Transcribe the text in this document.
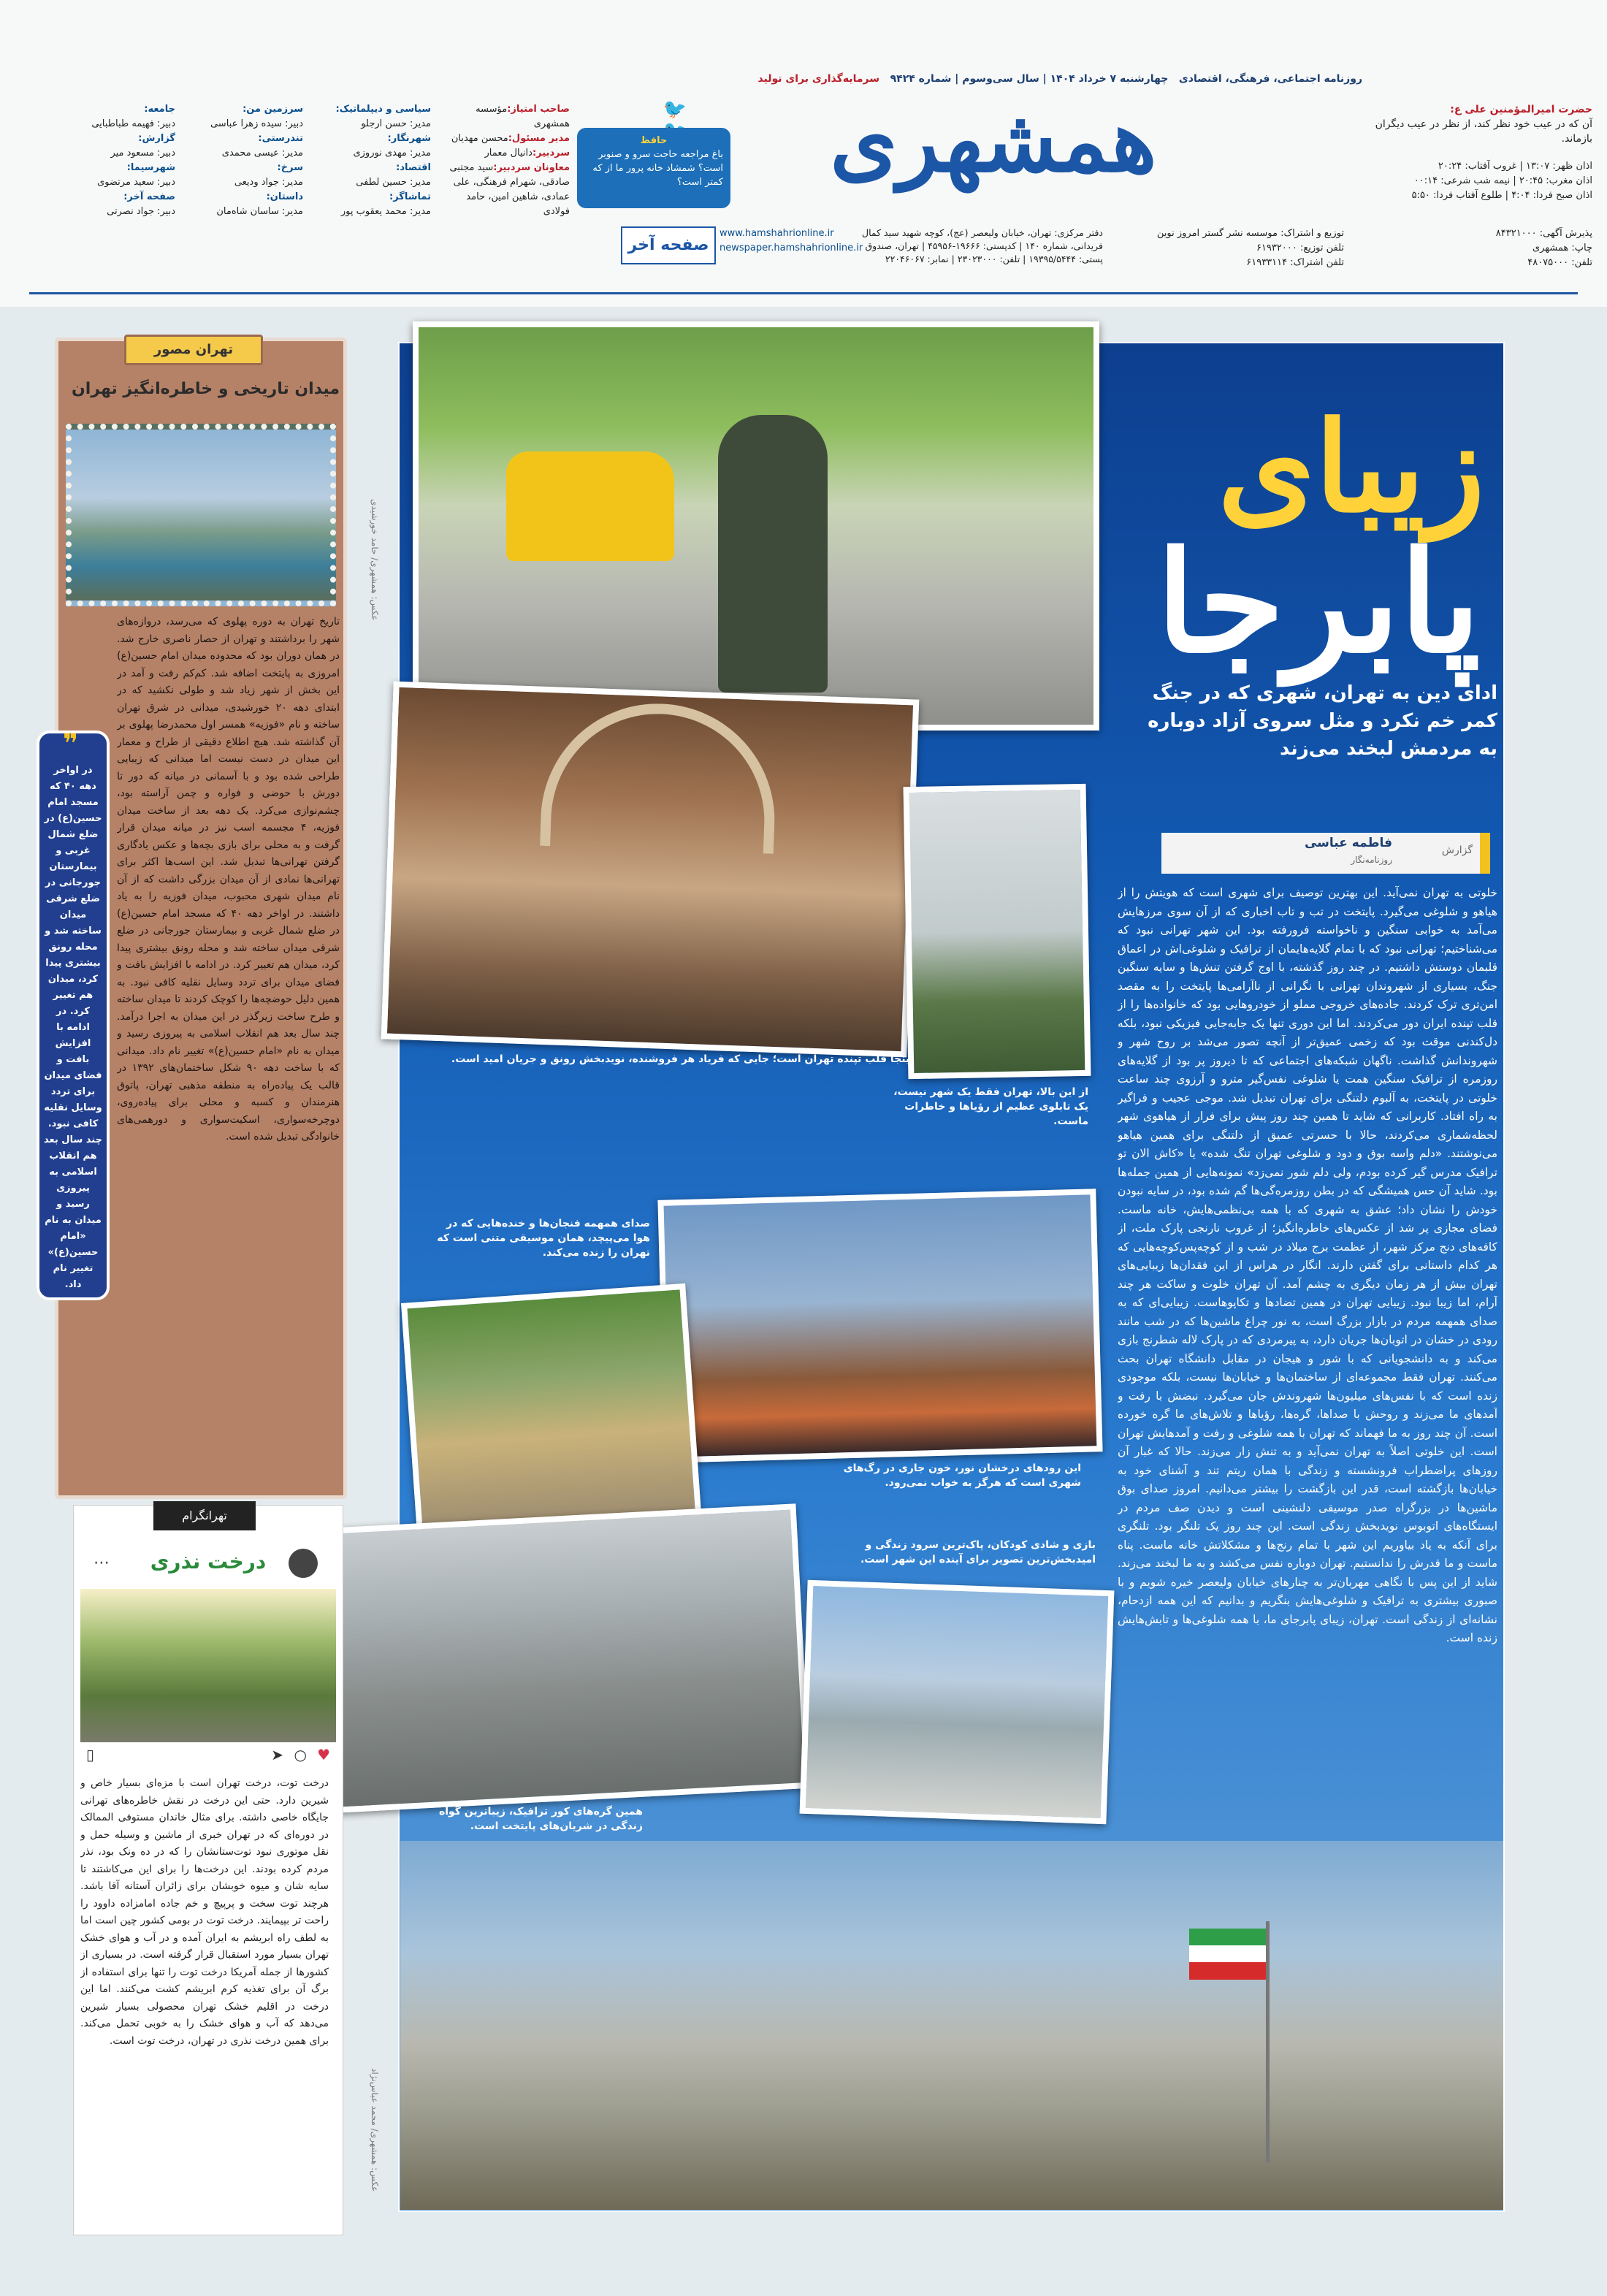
حضرت امیرالمؤمنین علی ع:
آن که در عیب خود نظر کند، از نظر در عیب دیگران بازماند.
اذان ظهر: ۱۳:۰۷ | غروب آفتاب: ۲۰:۲۴
اذان مغرب: ۲۰:۴۵ | نیمه شب شرعی: ۰۰:۱۴
اذان صبح فردا: ۴:۰۴ | طلوع آفتاب فردا: ۵:۵۰
پذیرش آگهی: ۸۴۳۲۱۰۰۰
چاپ: همشهری
تلفن: ۴۸۰۷۵۰۰۰
توزیع و اشتراک: موسسه نشر گستر امروز نوین
تلفن توزیع: ۶۱۹۳۲۰۰۰
تلفن اشتراک: ۶۱۹۳۳۱۱۴
دفتر مرکزی: تهران، خیابان ولیعصر (عج)، کوچه شهید سید کمال فریدانی، شماره ۱۴۰ | کدپستی: ۱۹۶۶۶-۴۵۹۵۶ | تهران، صندوق پستی: ۱۹۳۹۵/۵۴۴۴ | تلفن: ۲۳۰۲۳۰۰۰ | نمابر: ۲۲۰۴۶۰۶۷
www.hamshahrionline.ir
newspaper.hamshahrionline.ir
روزنامه اجتماعی، فرهنگی، اقتصادی   چهارشنبه ۷ خرداد ۱۴۰۴ | سال سی‌وسوم | شماره ۹۴۲۴   سرمایه‌گذاری برای تولید
همشهری
🐦
حافظ
باغ مراجعه حاجت سرو و صنوبر است؟ شمشاد خانه پرور ما از که کمتر است؟
صفحه آخر
صاحب امتیاز:مؤسسه همشهری
مدیر مسئول:محسن مهدیان
سردبیر:دانیال معمار
معاونان سردبیر:سید مجتبی صادقی، شهرام فرهنگی، علی عمادی، شاهین امین، حامد فولادی
سیاسی و دیپلماتیک:
مدیر: حسن ارجلو
شهرنگار:
مدیر: مهدی نوروزی
اقتصاد:
مدیر: حسین لطفی
تماشاگر:
مدیر: محمد یعقوب پور
سرزمین من:
دبیر: سیده زهرا عباسی
تندرستی:
مدیر: عیسی محمدی
سرخ:
مدیر: جواد ودیعی
داستان:
مدیر: ساسان شاه‌مان
جامعه:
دبیر: فهیمه طباطبایی
گزارش:
دبیر: مسعود میر
شهرسیما:
دبیر: سعید مرتضوی
صفحه آخر:
دبیر: جواد نصرتی
زیبای
پابرجا
ادای دین به تهران، شهری که در جنگ کمر خم نکرد و مثل سروی آزاد دوباره به مردمش لبخند می‌زند
گزارش
فاطمه عباسی
روزنامه‌نگار
خلوتی به تهران نمی‌آید. این بهترین توصیف برای شهری است که هویتش را از هیاهو و شلوغی می‌گیرد. پایتخت در تب و تاب اخباری که از آن سوی مرزهایش می‌آمد به خوابی سنگین و ناخواسته فرورفته بود. این شهر تهرانی نبود که می‌شناختیم؛ تهرانی نبود که با تمام گلایه‌هایمان از ترافیک و شلوغی‌اش در اعماق قلبمان دوستش داشتیم. در چند روز گذشته، با اوج گرفتن تنش‌ها و سایه سنگین جنگ، بسیاری از شهروندان تهرانی با نگرانی از ناآرامی‌ها پایتخت را به مقصد امن‌تری ترک کردند. جاده‌های خروجی مملو از خودروهایی بود که خانواده‌ها را از قلب تپنده ایران دور می‌کردند. اما این دوری تنها یک جابه‌جایی فیزیکی نبود، بلکه دل‌کندنی موقت بود که زخمی عمیق‌تر از آنچه تصور می‌شد بر روح شهر و شهروندانش گذاشت. ناگهان شبکه‌های اجتماعی که تا دیروز پر بود از گلایه‌های روزمره از ترافیک سنگین همت یا شلوغی نفس‌گیر مترو و آرزوی چند ساعت خلوتی در پایتخت، به آلبوم دلتنگی برای تهران تبدیل شد. موجی عجیب و فراگیر به راه افتاد. کاربرانی که شاید تا همین چند روز پیش برای فرار از هیاهوی شهر لحظه‌شماری می‌کردند، حالا با حسرتی عمیق از دلتنگی برای همین هیاهو می‌نوشتند. «دلم واسه بوق و دود و شلوغی تهران تنگ شده» یا «کاش الان تو ترافیک مدرس گیر کرده بودم، ولی دلم شور نمی‌زد» نمونه‌هایی از همین جمله‌ها بود. شاید آن حس همیشگی که در بطن روزمره‌گی‌ها گم شده بود، در سایه نبودن خودش را نشان داد؛ عشق به شهری که با همه بی‌نظمی‌هایش، خانه ماست. فضای مجازی پر شد از عکس‌های خاطره‌انگیز؛ از غروب نارنجی پارک ملت، از کافه‌های دنج مرکز شهر، از عظمت برج میلاد در شب و از کوچه‌پس‌کوچه‌هایی که هر کدام داستانی برای گفتن دارند. انگار در هراس از این فقدان‌ها زیبایی‌های تهران بیش از هر زمان دیگری به چشم آمد. آن تهران خلوت و ساکت هر چند آرام، اما زیبا نبود. زیبایی تهران در همین تضادها و تکاپوهاست. زیبایی‌ای که به صدای همهمه مردم در بازار بزرگ است، به نور چراغ ماشین‌ها که در شب مانند رودی در خشان در اتوبان‌ها جریان دارد، به پیرمردی که در پارک لاله شطرنج بازی می‌کند و به دانشجویانی که با شور و هیجان در مقابل دانشگاه تهران بحث می‌کنند. تهران فقط مجموعه‌ای از ساختمان‌ها و خیابان‌ها نیست، بلکه موجودی زنده است که با نفس‌های میلیون‌ها شهروندش جان می‌گیرد. نبضش با رفت و آمدهای ما می‌زند و روحش با صداها، گره‌ها، رؤیاها و تلاش‌های ما گره خورده است. آن چند روز به ما فهماند که تهران با همه شلوغی و رفت و آمدهایش تهران است. این خلوتی اصلاً به تهران نمی‌آید و به تنش زار می‌زند. حالا که غبار آن روزهای پراضطراب فرونشسته و زندگی با همان ریتم تند و آشنای خود به خیابان‌ها بازگشته است، قدر این بازگشت را بیشتر می‌دانیم. امروز صدای بوق ماشین‌ها در بزرگراه صدر موسیقی دلنشینی است و دیدن صف مردم در ایستگاه‌های اتوبوس نویدبخش زندگی است. این چند روز یک تلنگر بود. تلنگری برای آنکه به یاد بیاوریم این شهر با تمام رنج‌ها و مشکلاتش خانه ماست. پناه ماست و ما قدرش را ندانستیم. تهران دوباره نفس می‌کشد و به ما لبخند می‌زند. شاید از این پس با نگاهی مهربان‌تر به چنارهای خیابان ولیعصر خیره شویم و با صبوری بیشتری به ترافیک و شلوغی‌هایش بنگریم و بدانیم که این همه ازدحام، نشانه‌ای از زندگی است. تهران، زیبای پابرجای ما، با همه شلوغی‌ها و تابش‌هایش زنده است.
اینجا قلب تپنده تهران است؛ جایی که فریاد هر فروشنده، نویدبخش رونق و جریان امید است.
از این بالا، تهران فقط یک شهر نیست، یک تابلوی عظیم از رؤیاها و خاطرات ماست.
صدای همهمه فنجان‌ها و خنده‌هایی که در هوا می‌پیچد، همان موسیقی متنی است که تهران را زنده می‌کند.
این رودهای درخشان نور، خون جاری در رگ‌های شهری است که هرگز به خواب نمی‌رود.
بازی و شادی کودکان، پاک‌ترین سرود زندگی و امیدبخش‌ترین تصویر برای آینده این شهر است.
همین گره‌های کور ترافیک، زیباترین گواه زندگی در شریان‌های پایتخت است.
عکس: همشهری/ حامد خورشیدی
عکس: همشهری/ محمد عباس‌نژاد
تهران مصور
میدان تاریخی و خاطره‌انگیز تهران
تاریخ تهران به دوره پهلوی که می‌رسد، دروازه‌های شهر را برداشتند و تهران از حصار ناصری خارج شد. در همان دوران بود که محدوده میدان امام حسین(ع) امروزی به پایتخت اضافه شد. کم‌کم رفت و آمد در این بخش از شهر زیاد شد و طولی نکشید که در ابتدای دهه ۲۰ خورشیدی، میدانی در شرق تهران ساخته و نام «فوزیه» همسر اول محمدرضا پهلوی بر آن گذاشته شد. هیچ اطلاع دقیقی از طراح و معمار این میدان در دست نیست اما میدانی که زیبایی طراحی شده بود و با آسمانی در میانه که دور تا دورش با حوضی و فواره و چمن آراسته بود، چشم‌نوازی می‌کرد. یک دهه بعد از ساخت میدان فوزیه، ۴ مجسمه اسب نیز در میانه میدان قرار گرفت و به محلی برای بازی بچه‌ها و عکس یادگاری گرفتن تهرانی‌ها تبدیل شد. این اسب‌ها اکثر برای تهرانی‌ها نمادی از آن میدان بزرگی داشت که از آن نام میدان شهری محبوب، میدان فوزیه را به یاد داشتند. در اواخر دهه ۴۰ که مسجد امام حسین(ع) در ضلع شمال غربی و بیمارستان جورجانی در ضلع شرقی میدان ساخته شد و محله رونق بیشتری پیدا کرد، میدان هم تغییر کرد. در ادامه با افزایش بافت و فضای میدان برای تردد وسایل نقلیه کافی نبود. به همین دلیل حوضچه‌ها را کوچک کردند تا میدان ساخته و طرح ساخت زیرگذر در این میدان به اجرا درآمد. چند سال بعد هم انقلاب اسلامی به پیروزی رسید و میدان به نام «امام حسین(ع)» تغییر نام داد. میدانی که با ساخت دهه ۹۰ شکل ساختمان‌های ۱۳۹۲ در قالب یک پیاده‌راه به منطقه مذهبی تهران، پاتوق هنرمندان و کسبه و محلی برای پیاده‌روی، دوچرخه‌سواری، اسکیت‌سواری و دورهمی‌های خانوادگی تبدیل شده است.
❞
در اواخر دهه ۴۰ که مسجد امام حسین(ع) در ضلع شمال غربی و بیمارستان جورجانی در ضلع شرقی میدان ساخته شد و محله رونق بیشتری پیدا کرد، میدان هم تغییر کرد. در ادامه با افزایش بافت و فضای میدان برای تردد وسایل نقلیه کافی نبود. چند سال بعد هم انقلاب اسلامی به پیروزی رسید و میدان به نام «امام حسین(ع)» تغییر نام داد.
تهرانگرام
⋯	درخت نذری
♥
○
➤
▯
درخت توت، درخت تهران است با مزه‌ای بسیار خاص و شیرین دارد. حتی این درخت در نقش خاطره‌های تهرانی جایگاه خاصی داشته. برای مثال خاندان مستوفی الممالک در دوره‌ای که در تهران خبری از ماشین و وسیله حمل و نقل موتوری نبود توت‌ستانشان را که در ده ونک بود، نذر مردم کرده بودند. این درخت‌ها را برای این می‌کاشتند تا سایه شان و میوه خوبشان برای زائران آستانه آقا باشد. هرچند توت سخت و پرپیچ و خم جاده امامزاده داوود را راحت تر بپیمایند. درخت توت در بومی کشور چین است اما به لطف راه ابریشم به ایران آمده و در آب و هوای خشک تهران بسیار مورد استقبال قرار گرفته است. در بسیاری از کشورها از جمله آمریکا درخت توت را تنها برای استفاده از برگ آن برای تغذیه کرم ابریشم کشت می‌کنند. اما این درخت در اقلیم خشک تهران محصولی بسیار شیرین می‌دهد که آب و هوای خشک را به خوبی تحمل می‌کند. برای همین درخت نذری در تهران، درخت توت است.
